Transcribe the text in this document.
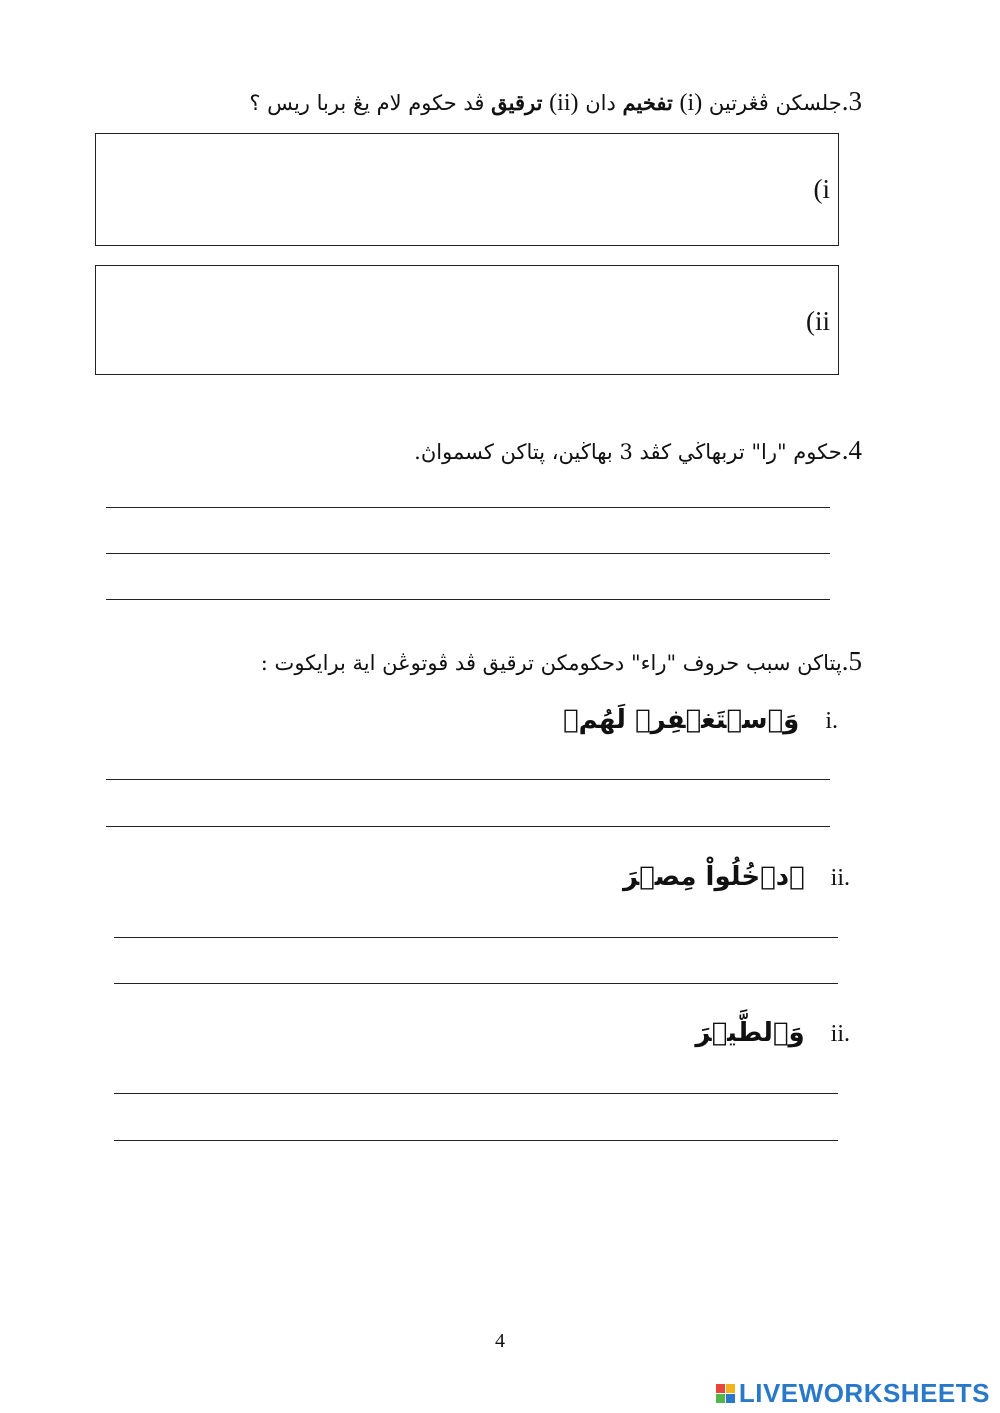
.3
جلسکن ڤڠرتين (i) تفخيم دان (ii) ترقيق ڤد حکوم لام يڠ بربا ريس ؟
(i
(ii
.4
حکوم "را" تربهاڬي کڤد 3 بهاڬين، ڽتاکن کسمواڽ.
.5
ڽتاکن سبب حروف "راء" دحکومکن ترقيق ڤد ڤوتوڠن اية برايکوت :
i.
وَٱسۡتَغۡفِرۡ لَهُمۡ
ii.
ٱدۡخُلُواْ مِصۡرَ
ii.
وَٱلطَّيۡرَ
4
LIVEWORKSHEETS
